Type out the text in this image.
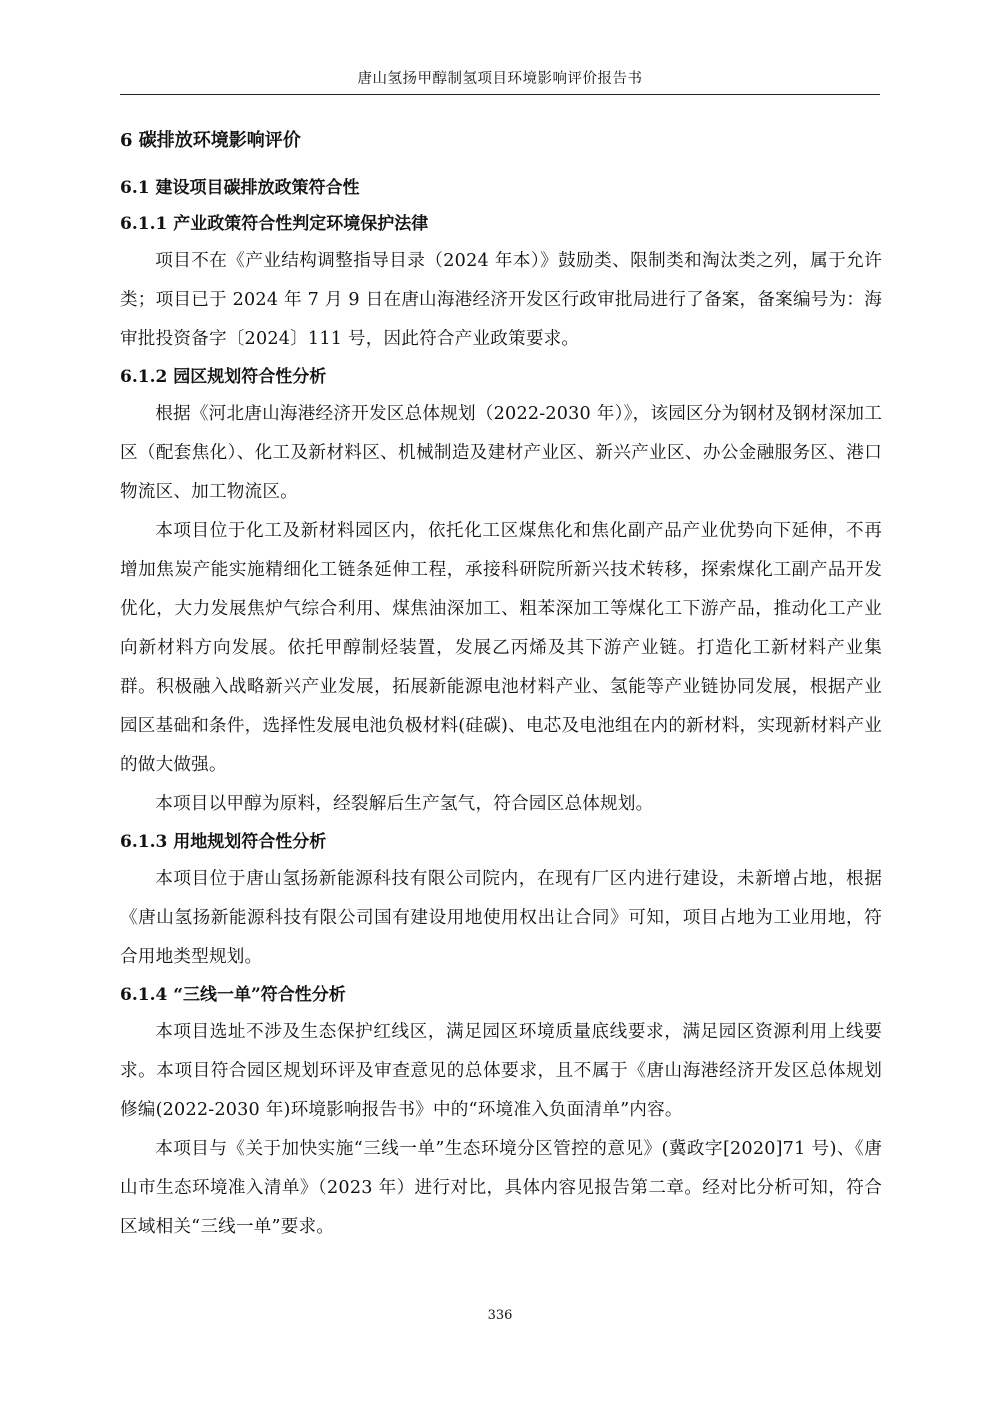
唐山氢扬甲醇制氢项目环境影响评价报告书
6 碳排放环境影响评价
6.1 建设项目碳排放政策符合性
6.1.1 产业政策符合性判定环境保护法律

项目不在《产业结构调整指导目录（2024 年本）》鼓励类、限制类和淘汰类之列，属于允许类；项目已于 2024 年 7 月 9 日在唐山海港经济开发区行政审批局进行了备案，备案编号为：海审批投资备字〔2024〕111 号，因此符合产业政策要求。

6.1.2 园区规划符合性分析

根据《河北唐山海港经济开发区总体规划（2022-2030 年）》，该园区分为钢材及钢材深加工区（配套焦化）、化工及新材料区、机械制造及建材产业区、新兴产业区、办公金融服务区、港口物流区、加工物流区。

本项目位于化工及新材料园区内，依托化工区煤焦化和焦化副产品产业优势向下延伸，不再增加焦炭产能实施精细化工链条延伸工程，承接科研院所新兴技术转移，探索煤化工副产品开发优化，大力发展焦炉气综合利用、煤焦油深加工、粗苯深加工等煤化工下游产品，推动化工产业向新材料方向发展。依托甲醇制烃装置，发展乙丙烯及其下游产业链。打造化工新材料产业集群。积极融入战略新兴产业发展，拓展新能源电池材料产业、氢能等产业链协同发展，根据产业园区基础和条件，选择性发展电池负极材料(硅碳)、电芯及电池组在内的新材料，实现新材料产业的做大做强。

本项目以甲醇为原料，经裂解后生产氢气，符合园区总体规划。

6.1.3 用地规划符合性分析

本项目位于唐山氢扬新能源科技有限公司院内，在现有厂区内进行建设，未新增占地，根据《唐山氢扬新能源科技有限公司国有建设用地使用权出让合同》可知，项目占地为工业用地，符合用地类型规划。

6.1.4 “三线一单”符合性分析

本项目选址不涉及生态保护红线区，满足园区环境质量底线要求，满足园区资源利用上线要求。本项目符合园区规划环评及审查意见的总体要求，且不属于《唐山海港经济开发区总体规划修编(2022-2030 年)环境影响报告书》中的“环境准入负面清单”内容。

本项目与《关于加快实施“三线一单”生态环境分区管控的意见》(冀政字[2020]71 号)、《唐山市生态环境准入清单》（2023 年）进行对比，具体内容见报告第二章。经对比分析可知，符合区域相关“三线一单”要求。

336
